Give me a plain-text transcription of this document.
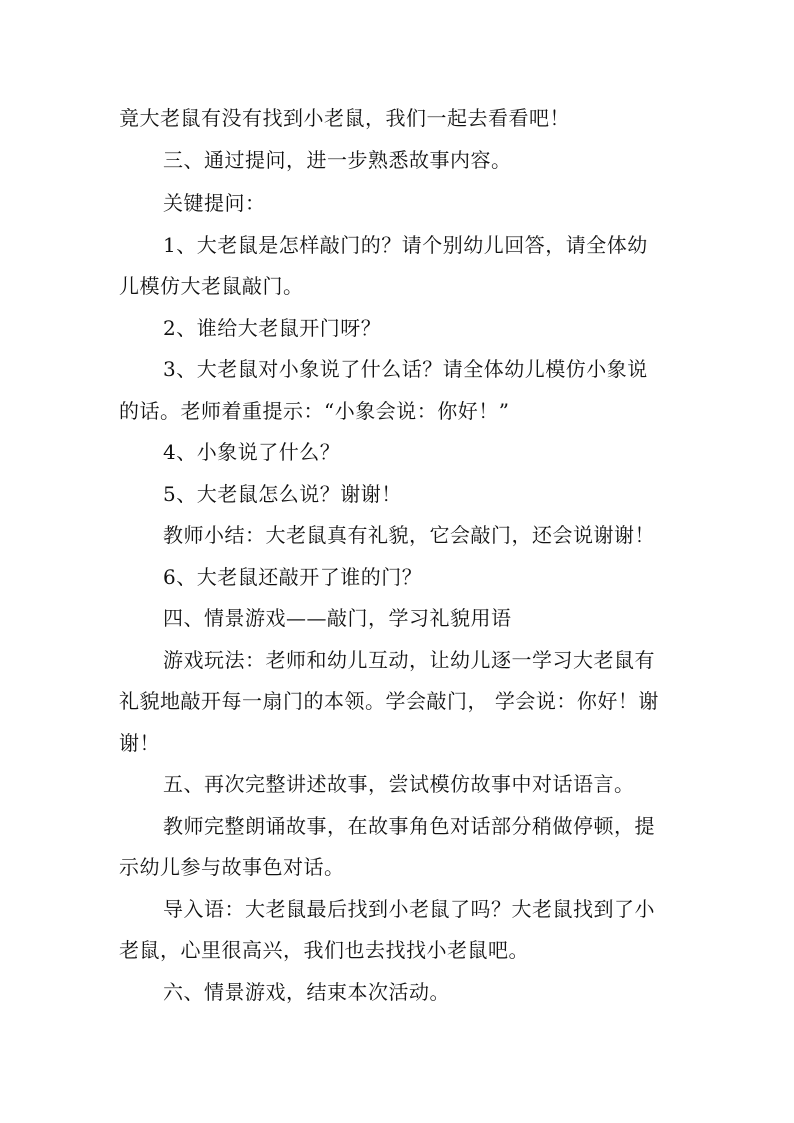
竟大老鼠有没有找到小老鼠，我们一起去看看吧！
三、通过提问，进一步熟悉故事内容。
关键提问：
1、大老鼠是怎样敲门的？请个别幼儿回答，请全体幼
儿模仿大老鼠敲门。
2、谁给大老鼠开门呀？
3、大老鼠对小象说了什么话？请全体幼儿模仿小象说
的话。老师着重提示：“小象会说：你好！”
4、小象说了什么？
5、大老鼠怎么说？谢谢！
教师小结：大老鼠真有礼貌，它会敲门，还会说谢谢！
6、大老鼠还敲开了谁的门？
四、情景游戏——敲门，学习礼貌用语
游戏玩法：老师和幼儿互动，让幼儿逐一学习大老鼠有
礼貌地敲开每一扇门的本领。学会敲门， 学会说：你好！谢
谢！
五、再次完整讲述故事，尝试模仿故事中对话语言。
教师完整朗诵故事，在故事角色对话部分稍做停顿，提
示幼儿参与故事色对话。
导入语：大老鼠最后找到小老鼠了吗？大老鼠找到了小
老鼠，心里很高兴，我们也去找找小老鼠吧。
六、情景游戏，结束本次活动。
